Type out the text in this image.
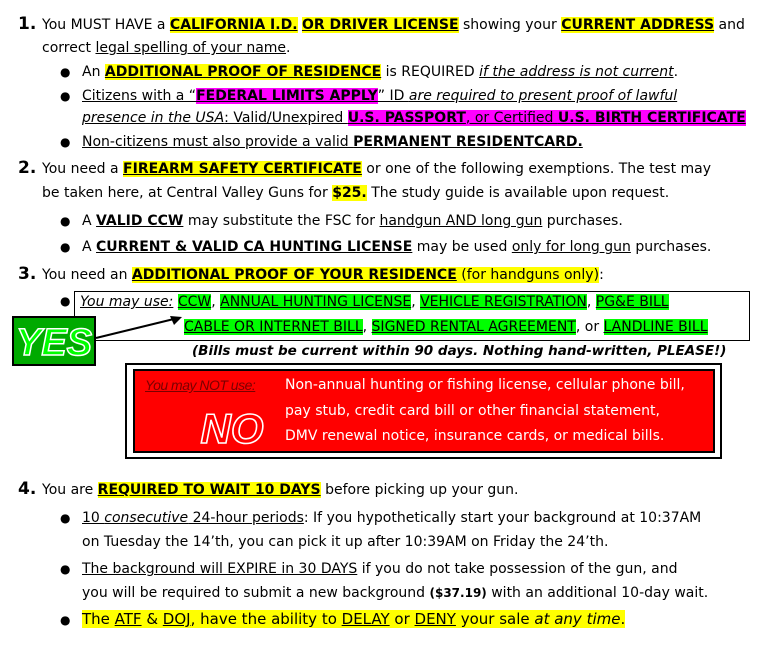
1. You MUST HAVE a CALIFORNIA I.D. OR DRIVER LICENSE showing your CURRENT ADDRESS and
correct legal spelling of your name.
● An ADDITIONAL PROOF OF RESIDENCE is REQUIRED if the address is not current.
● Citizens with a “FEDERAL LIMITS APPLY” ID are required to present proof of lawful
presence in the USA: Valid/Unexpired U.S. PASSPORT, or Certified U.S. BIRTH CERTIFICATE
● Non-citizens must also provide a valid PERMANENT RESIDENTCARD.
2. You need a FIREARM SAFETY CERTIFICATE or one of the following exemptions. The test may
be taken here, at Central Valley Guns for $25. The study guide is available upon request.
● A VALID CCW may substitute the FSC for handgun AND long gun purchases.
● A CURRENT & VALID CA HUNTING LICENSE may be used only for long gun purchases.
3. You need an ADDITIONAL PROOF OF YOUR RESIDENCE (for handguns only):
● You may use: CCW, ANNUAL HUNTING LICENSE, VEHICLE REGISTRATION, PG&E BILL
CABLE OR INTERNET BILL, SIGNED RENTAL AGREEMENT, or LANDLINE BILL
YES	(Bills must be current within 90 days. Nothing hand-written, PLEASE!)
You may NOT use: Non-annual hunting or fishing license, cellular phone bill,
pay stub, credit card bill or other financial statement,
DMV renewal notice, insurance cards, or medical bills.
NO
4. You are REQUIRED TO WAIT 10 DAYS before picking up your gun.
● 10 consecutive 24-hour periods: If you hypothetically start your background at 10:37AM
on Tuesday the 14’th, you can pick it up after 10:39AM on Friday the 24’th.
● The background will EXPIRE in 30 DAYS if you do not take possession of the gun, and
you will be required to submit a new background ($37.19) with an additional 10-day wait.
● The ATF & DOJ, have the ability to DELAY or DENY your sale at any time.
